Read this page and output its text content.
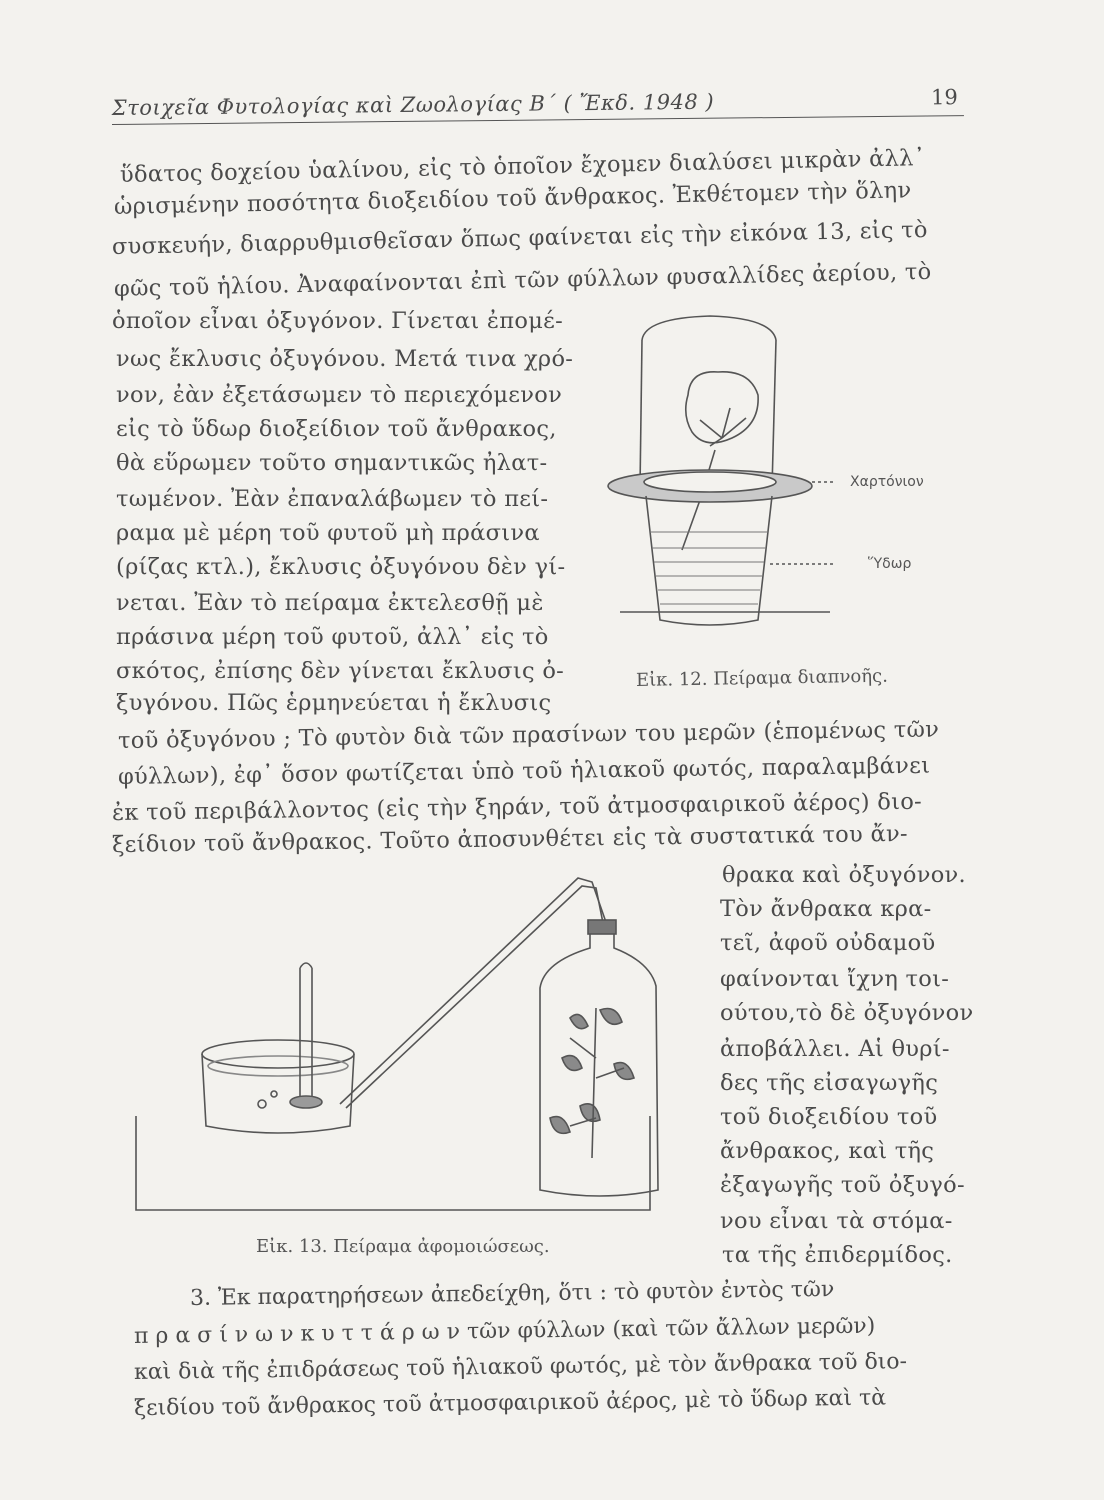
Στοιχεῖα Φυτολογίας καὶ Ζωολογίας Β΄ ( Ἔκδ. 1948 )	19
ὕδατος δοχείου ὑαλίνου, εἰς τὸ ὁποῖον ἔχομεν διαλύσει μικρὰν ἀλλ᾽
ὡρισμένην ποσότητα διοξειδίου τοῦ ἄνθρακος. Ἐκθέτομεν τὴν ὅλην
συσκευήν, διαρρυθμισθεῖσαν ὅπως φαίνεται εἰς τὴν εἰκόνα 13, εἰς τὸ
φῶς τοῦ ἡλίου. Ἀναφαίνονται ἐπὶ τῶν φύλλων φυσαλλίδες ἀερίου, τὸ
ὁποῖον εἶναι ὀξυγόνον. Γίνεται ἐπομέ-
νως ἔκλυσις ὀξυγόνου. Μετά τινα χρό-
νον, ἐὰν ἐξετάσωμεν τὸ περιεχόμενον
εἰς τὸ ὕδωρ διοξείδιον τοῦ ἄνθρακος,
θὰ εὕρωμεν τοῦτο σημαντικῶς ἠλατ-
τωμένον. Ἐὰν ἐπαναλάβωμεν τὸ πεί-
ραμα μὲ μέρη τοῦ φυτοῦ μὴ πράσινα
(ρίζας κτλ.), ἔκλυσις ὀξυγόνου δὲν γί-
νεται. Ἐὰν τὸ πείραμα ἐκτελεσθῇ μὲ
πράσινα μέρη τοῦ φυτοῦ, ἀλλ᾽ εἰς τὸ
σκότος, ἐπίσης δὲν γίνεται ἔκλυσις ὀ-
ξυγόνου. Πῶς ἑρμηνεύεται ἡ ἔκλυσις
τοῦ ὀξυγόνου ; Τὸ φυτὸν διὰ τῶν πρασίνων του μερῶν (ἑπομένως τῶν
φύλλων), ἐφ᾽ ὅσον φωτίζεται ὑπὸ τοῦ ἡλιακοῦ φωτός, παραλαμβάνει
ἐκ τοῦ περιβάλλοντος (εἰς τὴν ξηράν, τοῦ ἀτμοσφαιρικοῦ ἀέρος) διο-
ξείδιον τοῦ ἄνθρακος. Τοῦτο ἀποσυνθέτει εἰς τὰ συστατικά του ἄν-
θρακα καὶ ὀξυγόνον.
Τὸν ἄνθρακα κρα-
τεῖ, ἀφοῦ οὐδαμοῦ
φαίνονται ἴχνη τοι-
ούτου,τὸ δὲ ὀξυγόνον
ἀποβάλλει. Αἱ θυρί-
δες τῆς εἰσαγωγῆς
τοῦ διοξειδίου τοῦ
ἄνθρακος, καὶ τῆς
ἐξαγωγῆς τοῦ ὀξυγό-
νου εἶναι τὰ στόμα-
τα τῆς ἐπιδερμίδος.
3. Ἐκ παρατηρήσεων ἀπεδείχθη, ὅτι : τὸ φυτὸν ἐντὸς τῶν
π ρ α σ ί ν ω ν κ υ τ τ ά ρ ω ν τῶν φύλλων (καὶ τῶν ἄλλων μερῶν)
καὶ διὰ τῆς ἐπιδράσεως τοῦ ἡλιακοῦ φωτός, μὲ τὸν ἄνθρακα τοῦ διο-
ξειδίου τοῦ ἄνθρακος τοῦ ἀτμοσφαιρικοῦ ἀέρος, μὲ τὸ ὕδωρ καὶ τὰ
Χαρτόνιον
Ὕδωρ
Εἰκ. 12. Πείραμα διαπνοῆς.
Εἰκ. 13. Πείραμα ἀφομοιώσεως.
